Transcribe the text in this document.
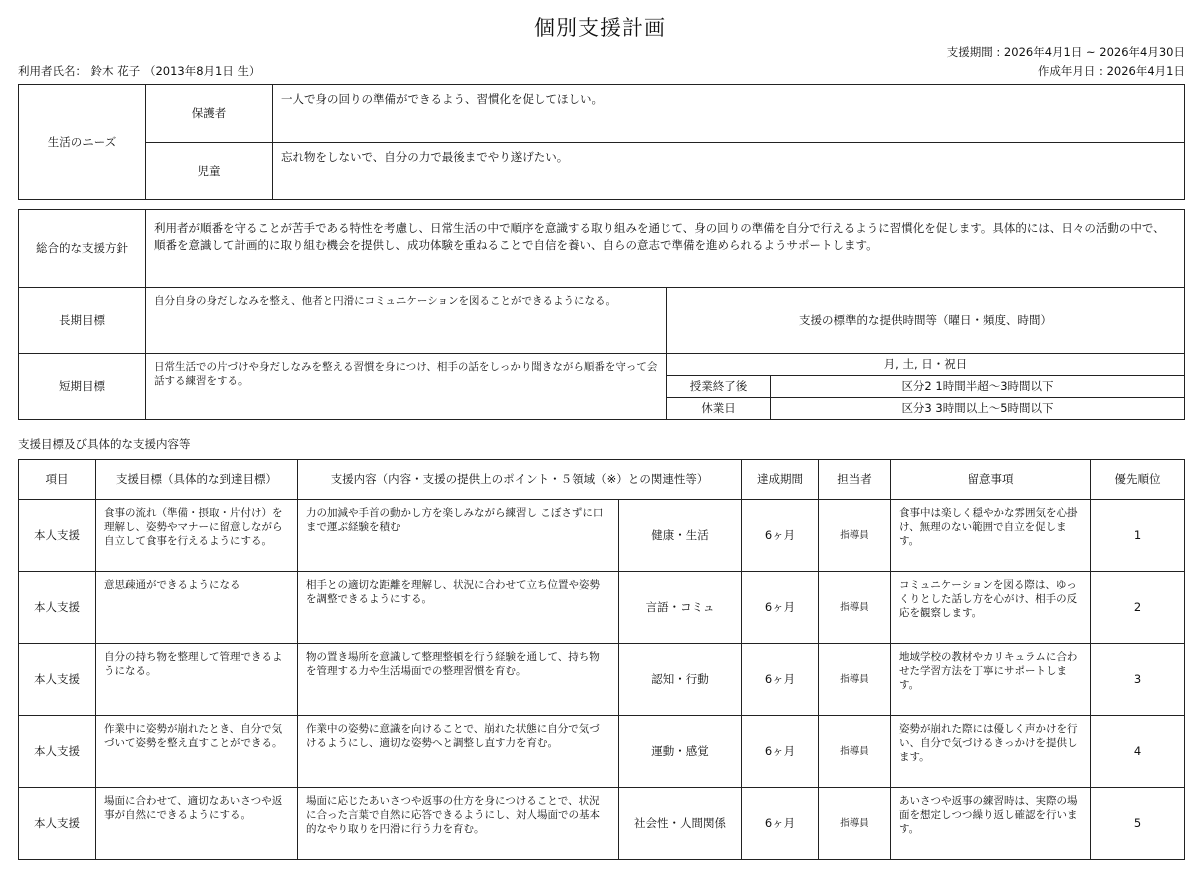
個別支援計画
支援期間 : 2026年4月1日 ~ 2026年4月30日
作成年月日 : 2026年4月1日
利用者氏名： 鈴木 花子 （2013年8月1日 生）
生活のニーズ	保護者	一人で身の回りの準備ができるよう、習慣化を促してほしい。
	児童	忘れ物をしないで、自分の力で最後までやり遂げたい。
総合的な支援方針	利用者が順番を守ることが苦手である特性を考慮し、日常生活の中で順序を意識する取り組みを通じて、身の回りの準備を自分で行えるように習慣化を促します。具体的には、日々の活動の中で、順番を意識して計画的に取り組む機会を提供し、成功体験を重ねることで自信を養い、自らの意志で準備を進められるようサポートします。		
長期目標	自分自身の身だしなみを整え、他者と円滑にコミュニケーションを図ることができるようになる。	支援の標準的な提供時間等（曜日・頻度、時間）	
短期目標	日常生活での片づけや身だしなみを整える習慣を身につけ、相手の話をしっかり聞きながら順番を守って会話する練習をする。	月, 土, 日・祝日	
		授業終了後	区分2 1時間半超〜3時間以下
		休業日	区分3 3時間以上〜5時間以下
支援目標及び具体的な支援内容等
項目	支援目標（具体的な到達目標）	支援内容（内容・支援の提供上のポイント・５領域（※）との関連性等）		達成期間	担当者	留意事項	優先順位
本人支援	食事の流れ（準備・摂取・片付け）を理解し、姿勢やマナーに留意しながら自立して食事を行えるようにする。	力の加減や手首の動かし方を楽しみながら練習し こぼさずに口まで運ぶ経験を積む	健康・生活	6ヶ月	指導員	食事中は楽しく穏やかな雰囲気を心掛け、無理のない範囲で自立を促します。	1
本人支援	意思疎通ができるようになる	相手との適切な距離を理解し、状況に合わせて立ち位置や姿勢を調整できるようにする。	言語・コミュ	6ヶ月	指導員	コミュニケーションを図る際は、ゆっくりとした話し方を心がけ、相手の反応を観察します。	2
本人支援	自分の持ち物を整理して管理できるようになる。	物の置き場所を意識して整理整頓を行う経験を通して、持ち物を管理する力や生活場面での整理習慣を育む。	認知・行動	6ヶ月	指導員	地域学校の教材やカリキュラムに合わせた学習方法を丁寧にサポートします。	3
本人支援	作業中に姿勢が崩れたとき、自分で気づいて姿勢を整え直すことができる。	作業中の姿勢に意識を向けることで、崩れた状態に自分で気づけるようにし、適切な姿勢へと調整し直す力を育む。	運動・感覚	6ヶ月	指導員	姿勢が崩れた際には優しく声かけを行い、自分で気づけるきっかけを提供します。	4
本人支援	場面に合わせて、適切なあいさつや返事が自然にできるようにする。	場面に応じたあいさつや返事の仕方を身につけることで、状況に合った言葉で自然に応答できるようにし、対人場面での基本的なやり取りを円滑に行う力を育む。	社会性・人間関係	6ヶ月	指導員	あいさつや返事の練習時は、実際の場面を想定しつつ繰り返し確認を行います。	5
